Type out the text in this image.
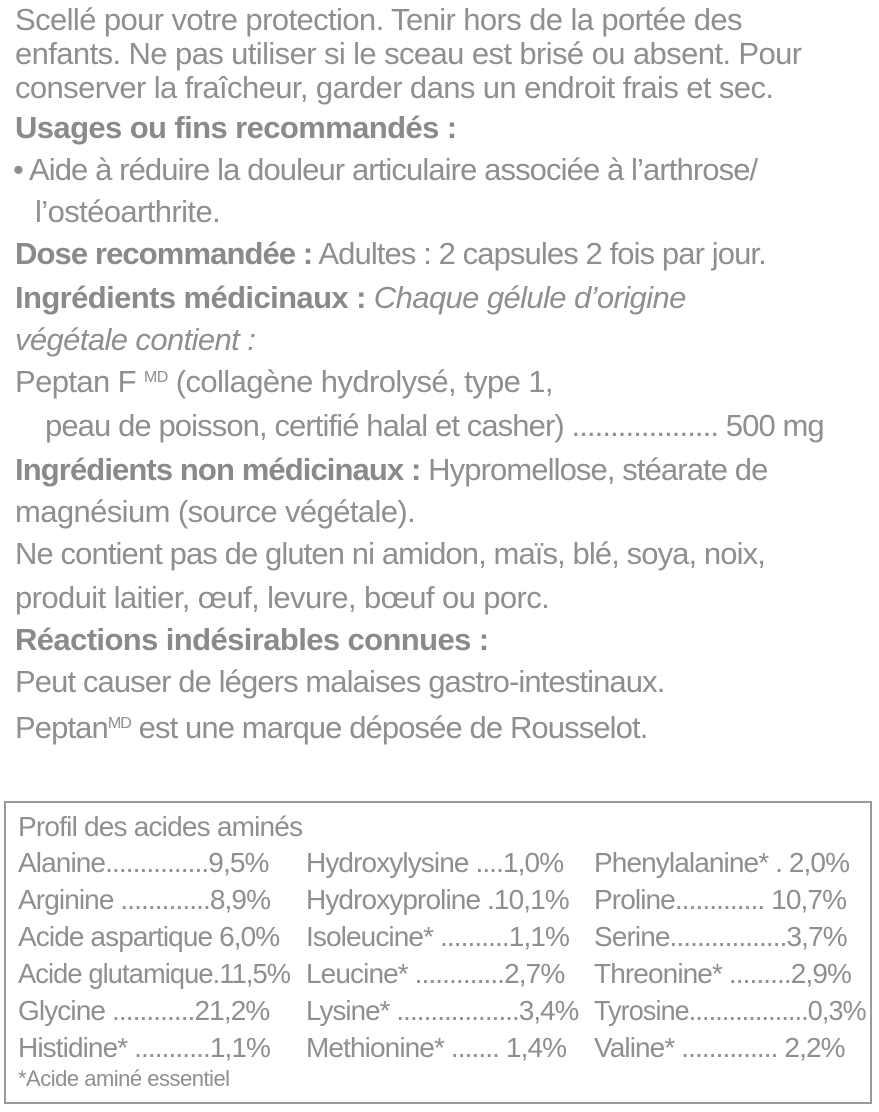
Scellé pour votre protection. Tenir hors de la portée des
enfants. Ne pas utiliser si le sceau est brisé ou absent. Pour
conserver la fraîcheur, garder dans un endroit frais et sec.
Usages ou fins recommandés :
• Aide à réduire la douleur articulaire associée à l’arthrose/
l’ostéoarthrite.
Dose recommandée : Adultes : 2 capsules 2 fois par jour.
Ingrédients médicinaux : Chaque gélule d’origine
végétale contient :
Peptan F $^{MD}$ (collagène hydrolysé, type 1,
peau de poisson, certifié halal et casher) ................... 500 mg
Ingrédients non médicinaux : Hypromellose, stéarate de
magnésium (source végétale).
Ne contient pas de gluten ni amidon, maïs, blé, soya, noix,
produit laitier, œuf, levure, bœuf ou porc.
Réactions indésirables connues :
Peut causer de légers malaises gastro-intestinaux.
Peptan$^{MD}$ est une marque déposée de Rousselot.
Profil des acides aminés
Alanine...............9,5%
Arginine .............8,9%
Acide aspartique 6,0%
Acide glutamique.11,5%
Glycine ............21,2%
Histidine* ...........1,1%
Hydroxylysine ....1,0%
Hydroxyproline .10,1%
Isoleucine* ..........1,1%
Leucine* .............2,7%
Lysine* ..................3,4%
Methionine* ....... 1,4%
Phenylalanine* . 2,0%
Proline............. 10,7%
Serine.................3,7%
Threonine* .........2,9%
Tyrosine..................0,3%
Valine* .............. 2,2%
*Acide aminé essentiel
